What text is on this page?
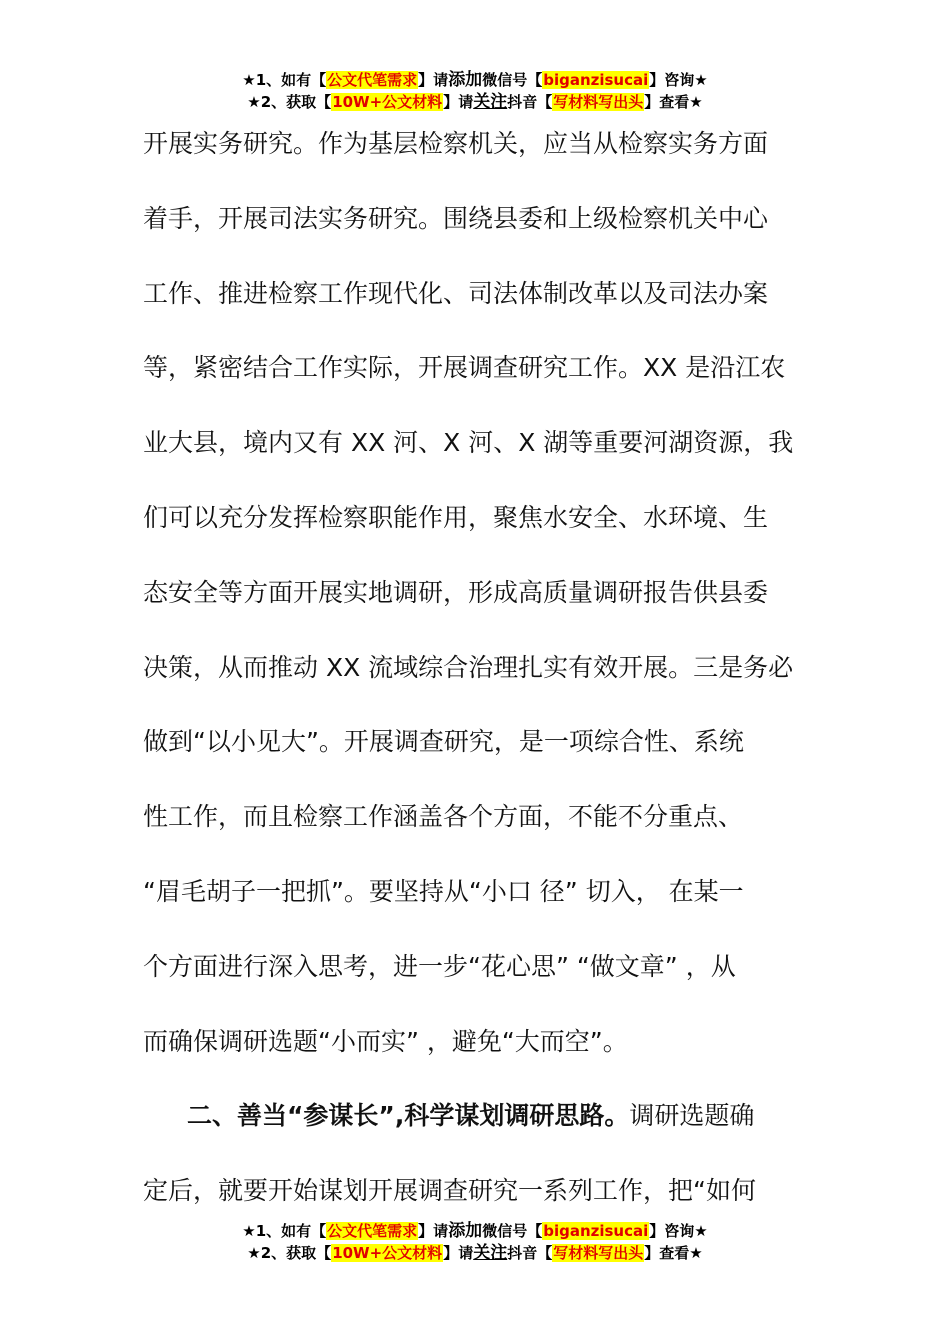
★1、如有【公文代笔需求】请添加微信号【biganzisucai】咨询★
★2、获取【10W+公文材料】请关注抖音【写材料写出头】查看★
开展实务研究。作为基层检察机关，应当从检察实务方面
着手，开展司法实务研究。围绕县委和上级检察机关中心
工作、推进检察工作现代化、司法体制改革以及司法办案
等，紧密结合工作实际，开展调查研究工作。XX 是沿江农
业大县，境内又有 XX 河、X 河、X 湖等重要河湖资源，我
们可以充分发挥检察职能作用，聚焦水安全、水环境、生
态安全等方面开展实地调研，形成高质量调研报告供县委
决策，从而推动 XX 流域综合治理扎实有效开展。三是务必
做到“以小见大”。开展调查研究，是一项综合性、系统
性工作，而且检察工作涵盖各个方面，不能不分重点、
“眉毛胡子一把抓”。要坚持从“小口 径” 切入， 在某一
个方面进行深入思考，进一步“花心思” “做文章” ，从
而确保调研选题“小而实” ，避免“大而空”。
二、善当“参谋长”,科学谋划调研思路。调研选题确
定后，就要开始谋划开展调查研究一系列工作，把“如何
★1、如有【公文代笔需求】请添加微信号【biganzisucai】咨询★
★2、获取【10W+公文材料】请关注抖音【写材料写出头】查看★
